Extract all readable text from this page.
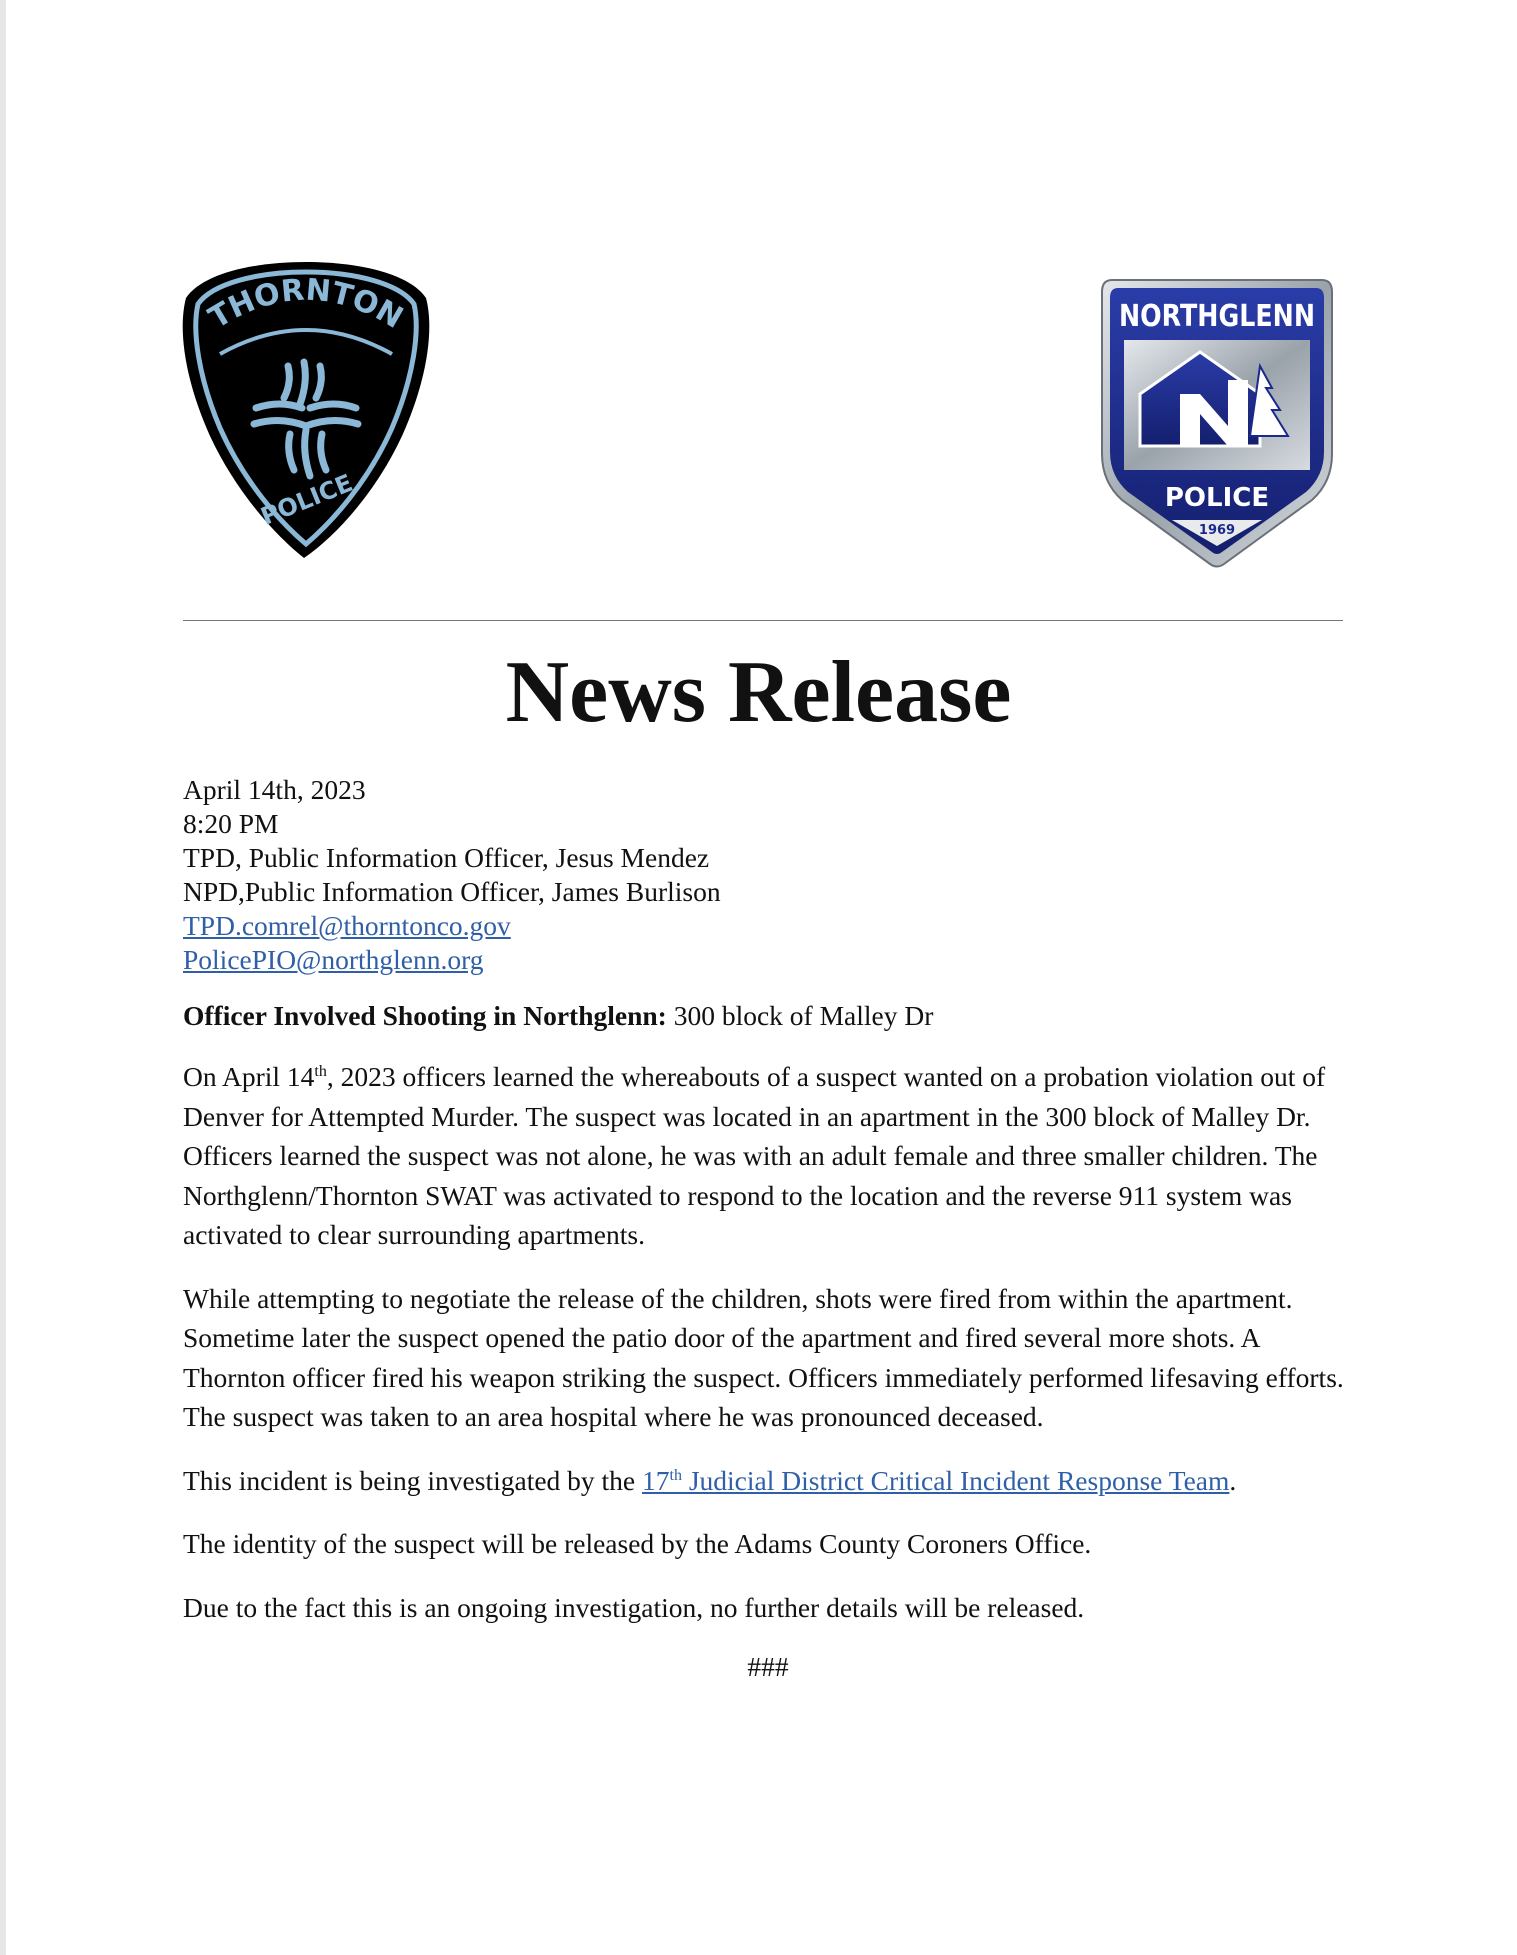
THORNTON
POLICE
NORTHGLENN
POLICE
1969
News Release
April 14th, 2023
8:20 PM
TPD, Public Information Officer, Jesus Mendez
NPD,Public Information Officer, James Burlison
TPD.comrel@thorntonco.gov
PolicePIO@northglenn.org

Officer Involved Shooting in Northglenn: 300 block of Malley Dr

On April 14th, 2023 officers learned the whereabouts of a suspect wanted on a probation violation out of Denver for Attempted Murder. The suspect was located in an apartment in the 300 block of Malley Dr. Officers learned the suspect was not alone, he was with an adult female and three smaller children. The Northglenn/Thornton SWAT was activated to respond to the location and the reverse 911 system was activated to clear surrounding apartments.

While attempting to negotiate the release of the children, shots were fired from within the apartment. Sometime later the suspect opened the patio door of the apartment and fired several more shots. A Thornton officer fired his weapon striking the suspect. Officers immediately performed lifesaving efforts. The suspect was taken to an area hospital where he was pronounced deceased.

This incident is being investigated by the 17th Judicial District Critical Incident Response Team.

The identity of the suspect will be released by the Adams County Coroners Office.

Due to the fact this is an ongoing investigation, no further details will be released.

###
